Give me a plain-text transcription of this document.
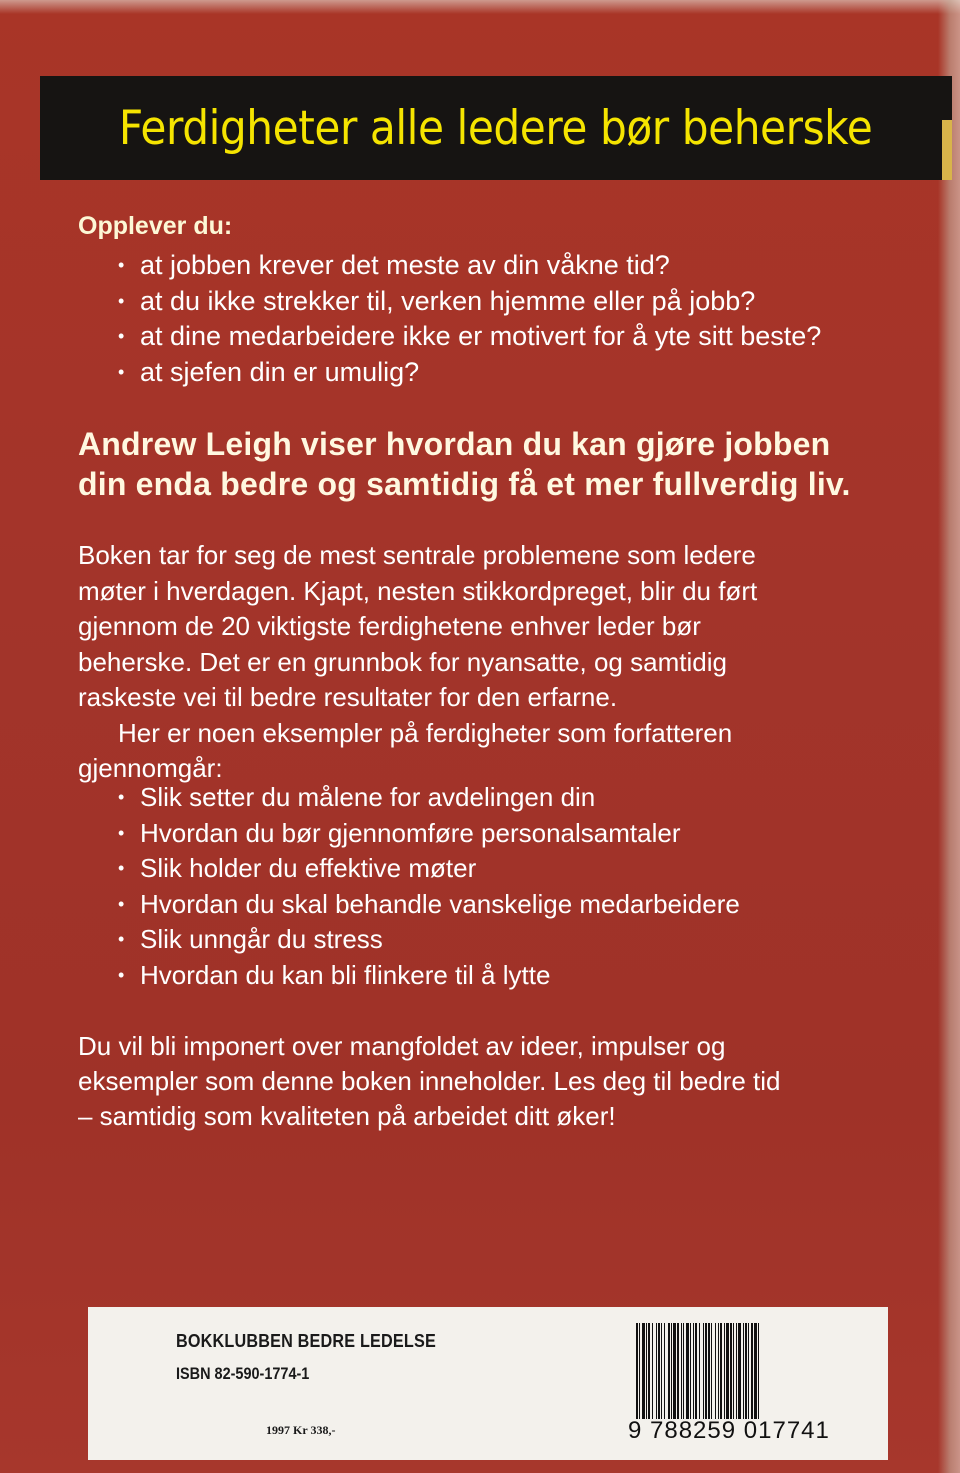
Ferdigheter alle ledere bør beherske
Opplever du:
• at jobben krever det meste av din våkne tid?
• at du ikke strekker til, verken hjemme eller på jobb?
• at dine medarbeidere ikke er motivert for å yte sitt beste?
• at sjefen din er umulig?
Andrew Leigh viser hvordan du kan gjøre jobben
din enda bedre og samtidig få et mer fullverdig liv.
Boken tar for seg de mest sentrale problemene som ledere
møter i hverdagen. Kjapt, nesten stikkordpreget, blir du ført
gjennom de 20 viktigste ferdighetene enhver leder bør
beherske. Det er en grunnbok for nyansatte, og samtidig
raskeste vei til bedre resultater for den erfarne.
Her er noen eksempler på ferdigheter som forfatteren
gjennomgår:
• Slik setter du målene for avdelingen din
• Hvordan du bør gjennomføre personalsamtaler
• Slik holder du effektive møter
• Hvordan du skal behandle vanskelige medarbeidere
• Slik unngår du stress
• Hvordan du kan bli flinkere til å lytte
Du vil bli imponert over mangfoldet av ideer, impulser og
eksempler som denne boken inneholder. Les deg til bedre tid
– samtidig som kvaliteten på arbeidet ditt øker!
BOKKLUBBEN BEDRE LEDELSE
ISBN 82-590-1774-1
1997 Kr 338,-	9 788259 017741
